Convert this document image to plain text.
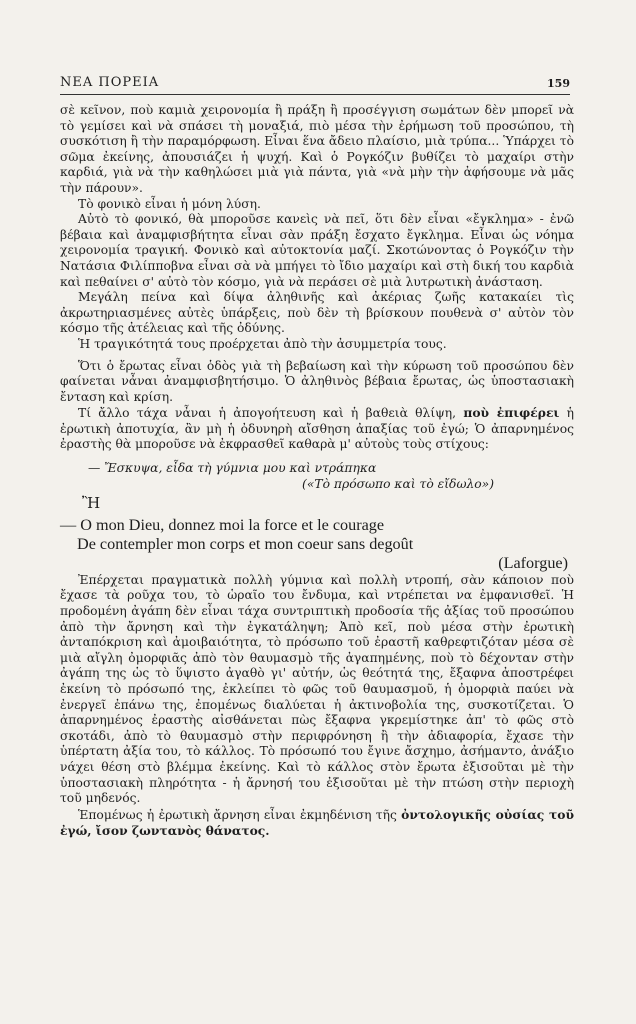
ΝΕΑ ΠΟΡΕΙΑ	159

σὲ κεῖνον, ποὺ καμιὰ χειρονομία ἢ πράξη ἢ προσέγγιση σωμάτων δὲν μπορεῖ νὰ τὸ γεμίσει καὶ νὰ σπάσει τὴ μοναξιά, πιὸ μέσα τὴν ἐρήμωση τοῦ προσώπου, τὴ συσκότιση ἢ τὴν παραμόρφωση. Εἶναι ἕνα ἄδειο πλαίσιο, μιὰ τρύπα... Ὑπάρχει τὸ σῶμα ἐκείνης, ἀπουσιάζει ἡ ψυχή. Καὶ ὁ Ρογκόζιν βυθίζει τὸ μαχαίρι στὴν καρδιά, γιὰ νὰ τὴν καθηλώσει μιὰ γιὰ πάντα, γιὰ «νὰ μὴν τὴν ἀφήσουμε νὰ μᾶς τὴν πάρουν».

Τὸ φονικὸ εἶναι ἡ μόνη λύση.

Αὐτὸ τὸ φονικό, θὰ μποροῦσε κανεὶς νὰ πεῖ, ὅτι δὲν εἶναι «ἔγκλημα» - ἐνῶ βέβαια καὶ ἀναμφισβήτητα εἶναι σὰν πράξη ἔσχατο ἔγκλημα. Εἶναι ὡς νόημα χειρονομία τραγική. Φονικὸ καὶ αὐτοκτονία μαζί. Σκοτώνοντας ὁ Ρογκόζιν τὴν Νατάσια Φιλίπποβνα εἶναι σὰ νὰ μπήγει τὸ ἴδιο μαχαίρι καὶ στὴ δική του καρδιὰ καὶ πεθαίνει σ' αὐτὸ τὸν κόσμο, γιὰ νὰ περάσει σὲ μιὰ λυτρωτικὴ ἀνάσταση.

Μεγάλη πείνα καὶ δίψα ἀληθινῆς καὶ ἀκέριας ζωῆς κατακαίει τὶς ἀκρωτηριασμένες αὐτὲς ὑπάρξεις, ποὺ δὲν τὴ βρίσκουν πουθενὰ σ' αὐτὸν τὸν κόσμο τῆς ἀτέλειας καὶ τῆς ὀδύνης.

Ἡ τραγικότητά τους προέρχεται ἀπὸ τὴν ἀσυμμετρία τους.

Ὅτι ὁ ἔρωτας εἶναι ὁδὸς γιὰ τὴ βεβαίωση καὶ τὴν κύρωση τοῦ προσώπου δὲν φαίνεται νἆναι ἀναμφισβητήσιμο. Ὁ ἀληθινὸς βέβαια ἔρωτας, ὡς ὑποστασιακὴ ἔνταση καὶ κρίση.

Τί ἄλλο τάχα νἆναι ἡ ἀπογοήτευση καὶ ἡ βαθειὰ θλίψη, ποὺ ἐπιφέρει ἡ ἐρωτικὴ ἀποτυχία, ἂν μὴ ἡ ὀδυνηρὴ αἴσθηση ἀπαξίας τοῦ ἐγώ; Ὁ ἀπαρνημένος ἐραστὴς θὰ μποροῦσε νὰ ἐκφρασθεῖ καθαρὰ μ' αὐτοὺς τοὺς στίχους:

— Ἔσκυψα, εἶδα τὴ γύμνια μου καὶ ντράπηκα
(«Τὸ πρόσωπο καὶ τὸ εἴδωλο»)
Ἢ
— O mon Dieu, donnez moi la force et le courage
De contempler mon corps et mon coeur sans degoût
(Laforgue)

Ἐπέρχεται πραγματικὰ πολλὴ γύμνια καὶ πολλὴ ντροπή, σὰν κάποιον ποὺ ἔχασε τὰ ροῦχα του, τὸ ὡραῖο του ἔνδυμα, καὶ ντρέπεται να ἐμφανισθεῖ. Ἡ προδομένη ἀγάπη δὲν εἶναι τάχα συντριπτικὴ προδοσία τῆς ἀξίας τοῦ προσώπου ἀπὸ τὴν ἄρνηση καὶ τὴν ἐγκατάληψη; Ἀπὸ κεῖ, ποὺ μέσα στὴν ἐρωτικὴ ἀνταπόκριση καὶ ἀμοιβαιότητα, τὸ πρόσωπο τοῦ ἐραστῆ καθρεφτιζόταν μέσα σὲ μιὰ αἴγλη ὀμορφιᾶς ἀπὸ τὸν θαυμασμὸ τῆς ἀγαπημένης, ποὺ τὸ δέχονταν στὴν ἀγάπη της ὡς τὸ ὕψιστο ἀγαθὸ γι' αὐτήν, ὡς θεότητά της, ἔξαφνα ἀποστρέφει ἐκείνη τὸ πρόσωπό της, ἐκλείπει τὸ φῶς τοῦ θαυμασμοῦ, ἡ ὀμορφιὰ παύει νὰ ἐνεργεῖ ἐπάνω της, ἐπομένως διαλύεται ἡ ἀκτινοβολία της, συσκοτίζεται. Ὁ ἀπαρνημένος ἐραστὴς αἰσθάνεται πὼς ἔξαφνα γκρεμίστηκε ἀπ' τὸ φῶς στὸ σκοτάδι, ἀπὸ τὸ θαυμασμὸ στὴν περιφρόνηση ἢ τὴν ἀδιαφορία, ἔχασε τὴν ὑπέρτατη ἀξία του, τὸ κάλλος. Τὸ πρόσωπό του ἔγινε ἄσχημο, ἀσήμαντο, ἀνάξιο νάχει θέση στὸ βλέμμα ἐκείνης. Καὶ τὸ κάλλος στὸν ἔρωτα ἐξισοῦται μὲ τὴν ὑποστασιακὴ πληρότητα - ἡ ἄρνησή του ἐξισοῦται μὲ τὴν πτώση στὴν περιοχὴ τοῦ μηδενός.

Ἑπομένως ἡ ἐρωτικὴ ἄρνηση εἶναι ἐκμηδένιση τῆς ὀντολογικῆς οὐσίας τοῦ ἐγώ, ἴσον ζωντανὸς θάνατος.
